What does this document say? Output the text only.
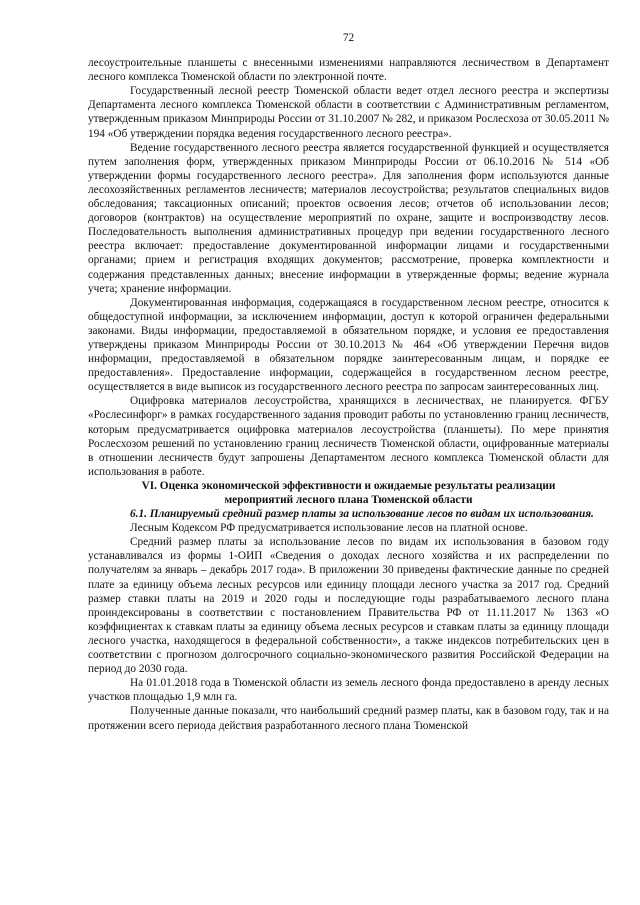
72

лесоустроительные планшеты с внесенными изменениями направляются лесничеством в Департамент лесного комплекса Тюменской области по электронной почте.

Государственный лесной реестр Тюменской области ведет отдел лесного реестра и экспертизы Департамента лесного комплекса Тюменской области в соответствии с Административным регламентом, утвержденным приказом Минприроды России от 31.10.2007 № 282, и приказом Рослесхоза от 30.05.2011 № 194 «Об утверждении порядка ведения государственного лесного реестра».

Ведение государственного лесного реестра является государственной функцией и осуществляется путем заполнения форм, утвержденных приказом Минприроды России от 06.10.2016 № 514 «Об утверждении формы государственного лесного реестра». Для заполнения форм используются данные лесохозяйственных регламентов лесничеств; материалов лесоустройства; результатов специальных видов обследования; таксационных описаний; проектов освоения лесов; отчетов об использовании лесов; договоров (контрактов) на осуществление мероприятий по охране, защите и воспроизводству лесов. Последовательность выполнения административных процедур при ведении государственного лесного реестра включает: предоставление документированной информации лицами и государственными органами; прием и регистрация входящих документов; рассмотрение, проверка комплектности и содержания представленных данных; внесение информации в утвержденные формы; ведение журнала учета; хранение информации.

Документированная информация, содержащаяся в государственном лесном реестре, относится к общедоступной информации, за исключением информации, доступ к которой ограничен федеральными законами. Виды информации, предоставляемой в обязательном порядке, и условия ее предоставления утверждены приказом Минприроды России от 30.10.2013 № 464 «Об утверждении Перечня видов информации, предоставляемой в обязательном порядке заинтересованным лицам, и порядке ее предоставления». Предоставление информации, содержащейся в государственном лесном реестре, осуществляется в виде выписок из государственного лесного реестра по запросам заинтересованных лиц.

Оцифровка материалов лесоустройства, хранящихся в лесничествах, не планируется. ФГБУ «Рослесинфорг» в рамках государственного задания проводит работы по установлению границ лесничеств, которым предусматривается оцифровка материалов лесоустройства (планшеты). По мере принятия Рослесхозом решений по установлению границ лесничеств Тюменской области, оцифрованные материалы в отношении лесничеств будут запрошены Департаментом лесного комплекса Тюменской области для использования в работе.

VI. Оценка экономической эффективности и ожидаемые результаты реализации мероприятий лесного плана Тюменской области

6.1. Планируемый средний размер платы за использование лесов по видам их использования.

Лесным Кодексом РФ предусматривается использование лесов на платной основе.

Средний размер платы за использование лесов по видам их использования в базовом году устанавливался из формы 1-ОИП «Сведения о доходах лесного хозяйства и их распределении по получателям за январь – декабрь 2017 года». В приложении 30 приведены фактические данные по средней плате за единицу объема лесных ресурсов или единицу площади лесного участка за 2017 год. Средний размер ставки платы на 2019 и 2020 годы и последующие годы разрабатываемого лесного плана проиндексированы в соответствии с постановлением Правительства РФ от 11.11.2017 № 1363 «О коэффициентах к ставкам платы за единицу объема лесных ресурсов и ставкам платы за единицу площади лесного участка, находящегося в федеральной собственности», а также индексов потребительских цен в соответствии с прогнозом долгосрочного социально-экономического развития Российской Федерации на период до 2030 года.

На 01.01.2018 года в Тюменской области из земель лесного фонда предоставлено в аренду лесных участков площадью 1,9 млн га.

Полученные данные показали, что наибольший средний размер платы, как в базовом году, так и на протяжении всего периода действия разработанного лесного плана Тюменской
